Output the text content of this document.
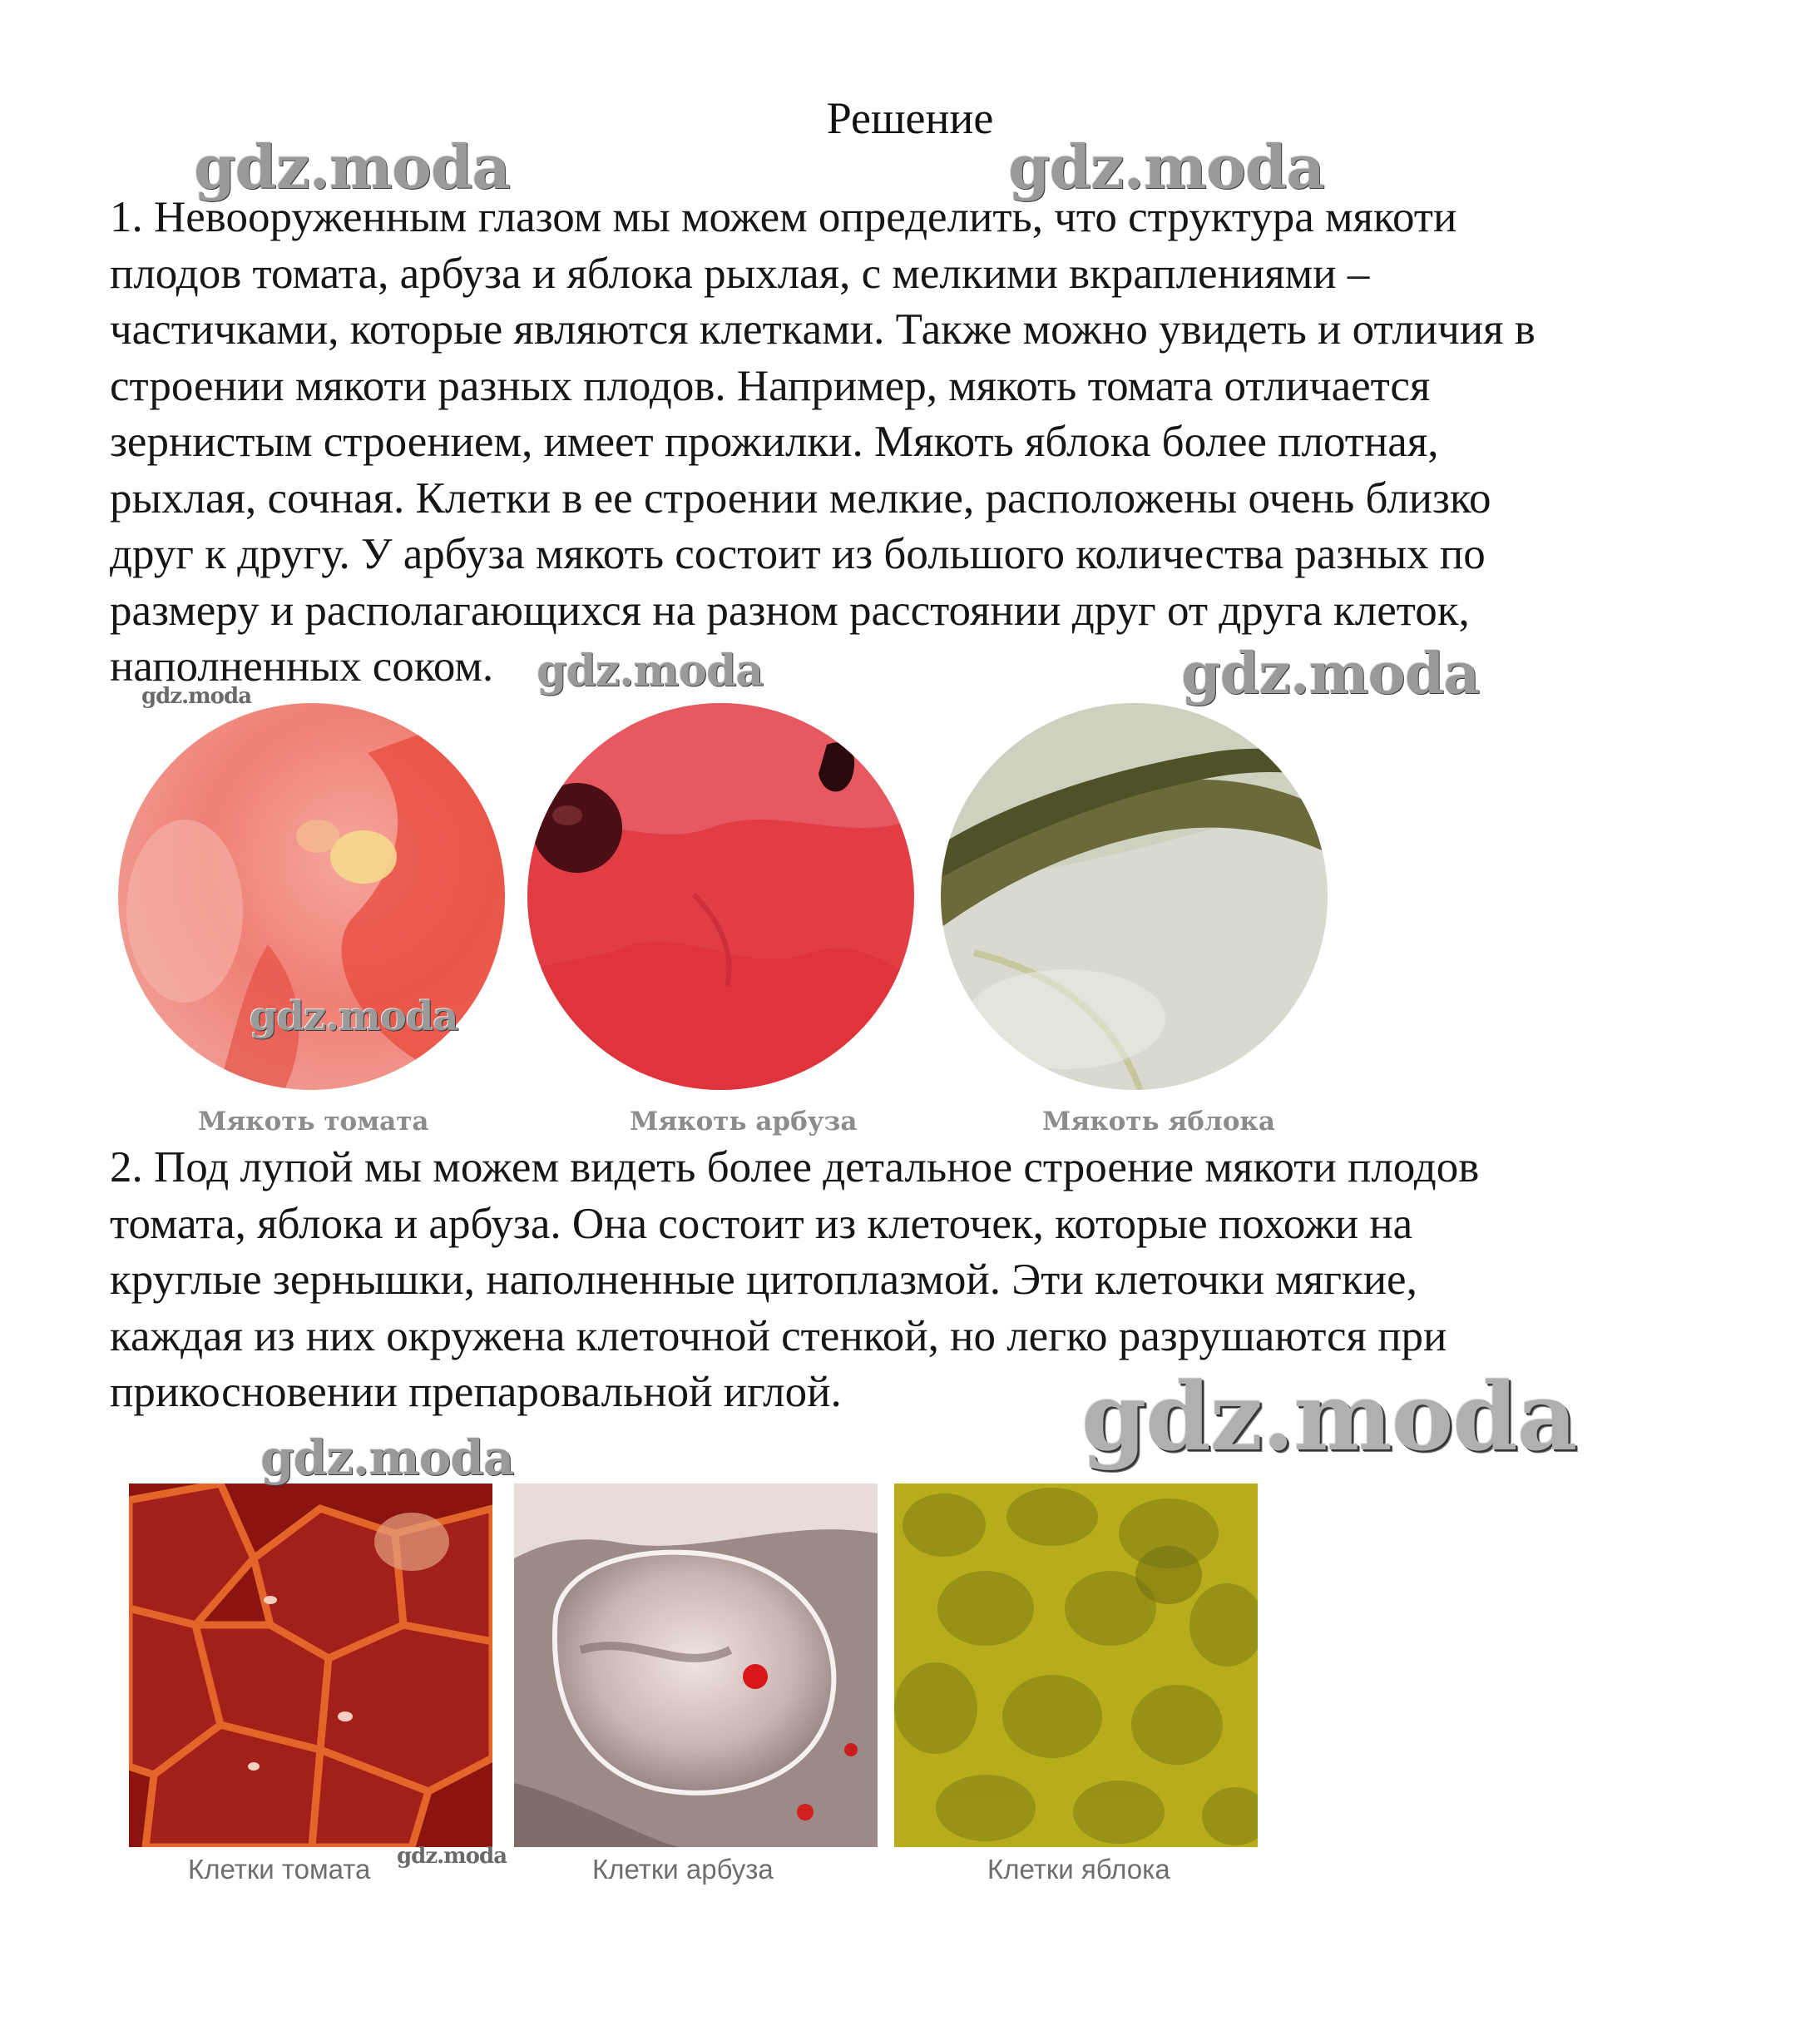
Решение
1. Невооруженным глазом мы можем определить, что структура мякоти
плодов томата, арбуза и яблока рыхлая, с мелкими вкраплениями –
частичками, которые являются клетками. Также можно увидеть и отличия в
строении мякоти разных плодов. Например, мякоть томата отличается
зернистым строением, имеет прожилки. Мякоть яблока более плотная,
рыхлая, сочная. Клетки в ее строении мелкие, расположены очень близко
друг к другу. У арбуза мякоть состоит из большого количества разных по
размеру и располагающихся на разном расстоянии друг от друга клеток,
наполненных соком.
2. Под лупой мы можем видеть более детальное строение мякоти плодов
томата, яблока и арбуза. Она состоит из клеточек, которые похожи на
круглые зернышки, наполненные цитоплазмой. Эти клеточки мягкие,
каждая из них окружена клеточной стенкой, но легко разрушаются при
прикосновении препаровальной иглой.
Мякоть томата	Мякоть арбуза	Мякоть яблока
Клетки томата	Клетки арбуза	Клетки яблока
gdz.moda	gdz.moda
gdz.moda	gdz.moda
gdz.moda
gdz.moda
gdz.moda
gdz.moda
gdz.moda
